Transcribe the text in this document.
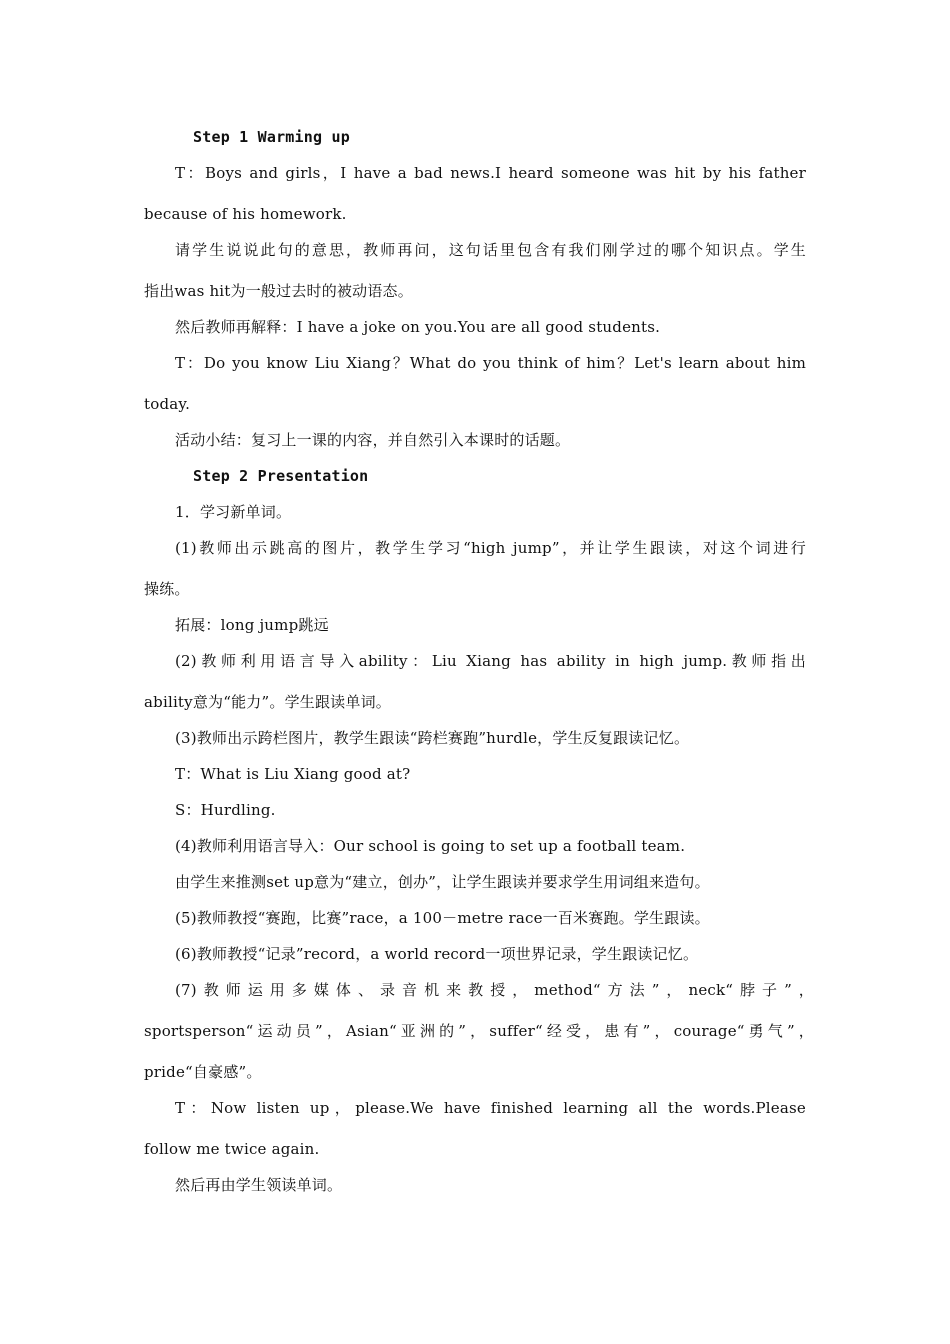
Step 1 Warming up
T：Boys and girls，I have a bad news.I heard someone was hit by his father
because of his homework.
请学生说说此句的意思，教师再问，这句话里包含有我们刚学过的哪个知识点。学生
指出was hit为一般过去时的被动语态。
然后教师再解释：I have a joke on you.You are all good students.
T：Do you know Liu Xiang？What do you think of him？Let's learn about him
today.
活动小结：复习上一课的内容，并自然引入本课时的话题。
Step 2 Presentation
1．学习新单词。
(1)教师出示跳高的图片，教学生学习“high jump”，并让学生跟读，对这个词进行
操练。
拓展：long jump跳远
(2)教师利用语言导入ability：Liu Xiang has ability in high jump.教师指出
ability意为“能力”。学生跟读单词。
(3)教师出示跨栏图片，教学生跟读“跨栏赛跑”hurdle，学生反复跟读记忆。
T：What is Liu Xiang good at?
S：Hurdling.
(4)教师利用语言导入：Our school is going to set up a football team.
由学生来推测set up意为“建立，创办”，让学生跟读并要求学生用词组来造句。
(5)教师教授“赛跑，比赛”race，a 100－metre race一百米赛跑。学生跟读。
(6)教师教授“记录”record，a world record一项世界记录，学生跟读记忆。
(7)教师运用多媒体、录音机来教授，method“方法”，neck“脖子”，
sportsperson“运动员”，Asian“亚洲的”，suffer“经受，患有”，courage“勇气”，
pride“自豪感”。
T：Now listen up，please.We have finished learning all the words.Please
follow me twice again.
然后再由学生领读单词。
